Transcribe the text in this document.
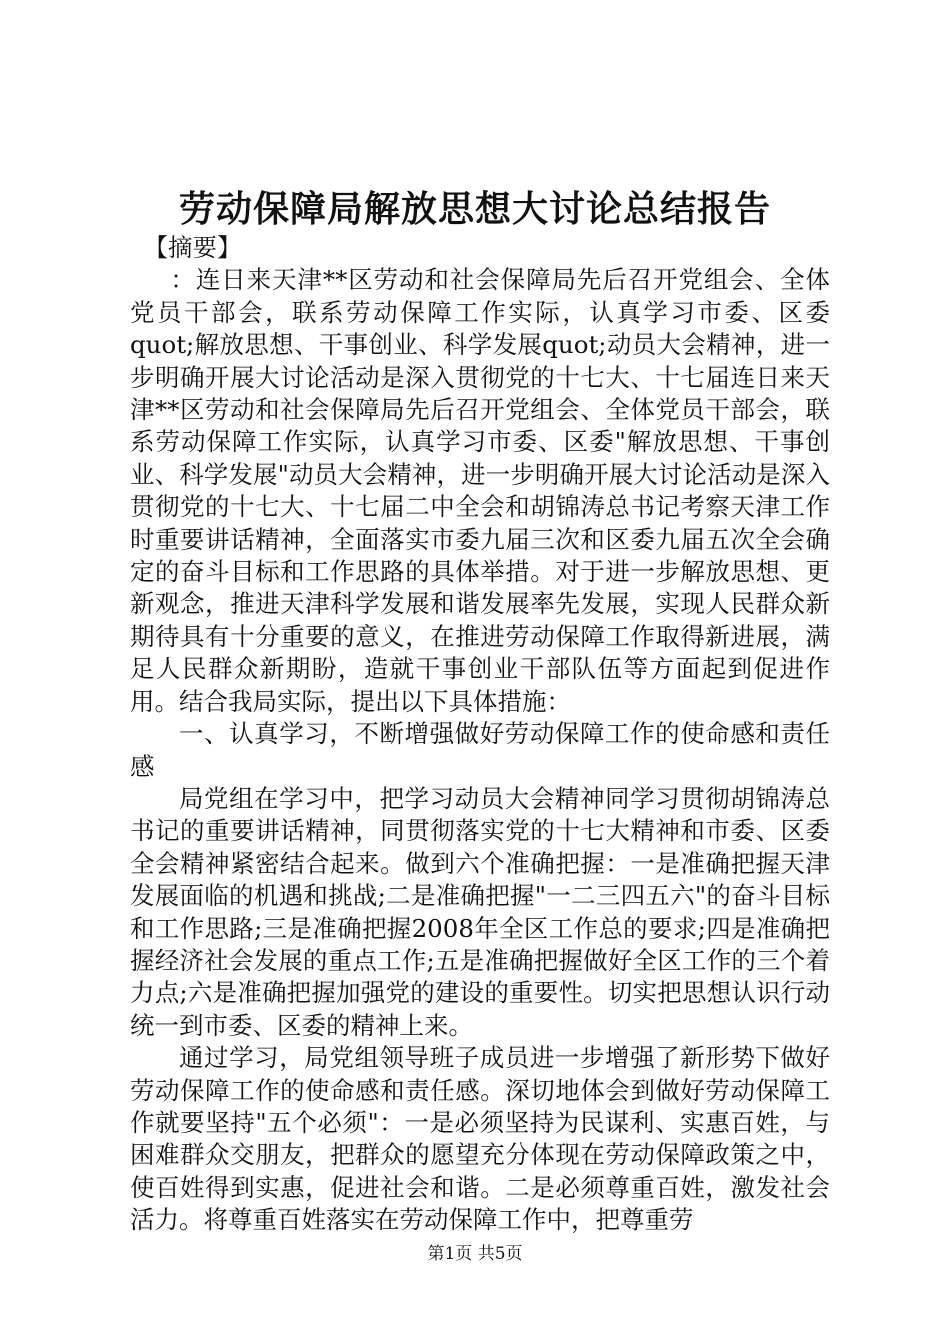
劳动保障局解放思想大讨论总结报告

【摘要】

：连日来天津**区劳动和社会保障局先后召开党组会、全体党员干部会，联系劳动保障工作实际，认真学习市委、区委quot;解放思想、干事创业、科学发展quot;动员大会精神，进一步明确开展大讨论活动是深入贯彻党的十七大、十七届连日来天津**区劳动和社会保障局先后召开党组会、全体党员干部会，联系劳动保障工作实际，认真学习市委、区委"解放思想、干事创业、科学发展"动员大会精神，进一步明确开展大讨论活动是深入贯彻党的十七大、十七届二中全会和胡锦涛总书记考察天津工作时重要讲话精神，全面落实市委九届三次和区委九届五次全会确定的奋斗目标和工作思路的具体举措。对于进一步解放思想、更新观念，推进天津科学发展和谐发展率先发展，实现人民群众新期待具有十分重要的意义，在推进劳动保障工作取得新进展，满足人民群众新期盼，造就干事创业干部队伍等方面起到促进作用。结合我局实际，提出以下具体措施：

一、认真学习，不断增强做好劳动保障工作的使命感和责任感

局党组在学习中，把学习动员大会精神同学习贯彻胡锦涛总书记的重要讲话精神，同贯彻落实党的十七大精神和市委、区委全会精神紧密结合起来。做到六个准确把握：一是准确把握天津发展面临的机遇和挑战;二是准确把握"一二三四五六"的奋斗目标和工作思路;三是准确把握2008年全区工作总的要求;四是准确把握经济社会发展的重点工作;五是准确把握做好全区工作的三个着力点;六是准确把握加强党的建设的重要性。切实把思想认识行动统一到市委、区委的精神上来。

通过学习，局党组领导班子成员进一步增强了新形势下做好劳动保障工作的使命感和责任感。深切地体会到做好劳动保障工作就要坚持"五个必须"：一是必须坚持为民谋利、实惠百姓，与困难群众交朋友，把群众的愿望充分体现在劳动保障政策之中，使百姓得到实惠，促进社会和谐。二是必须尊重百姓，激发社会活力。将尊重百姓落实在劳动保障工作中，把尊重劳

第1页 共5页
